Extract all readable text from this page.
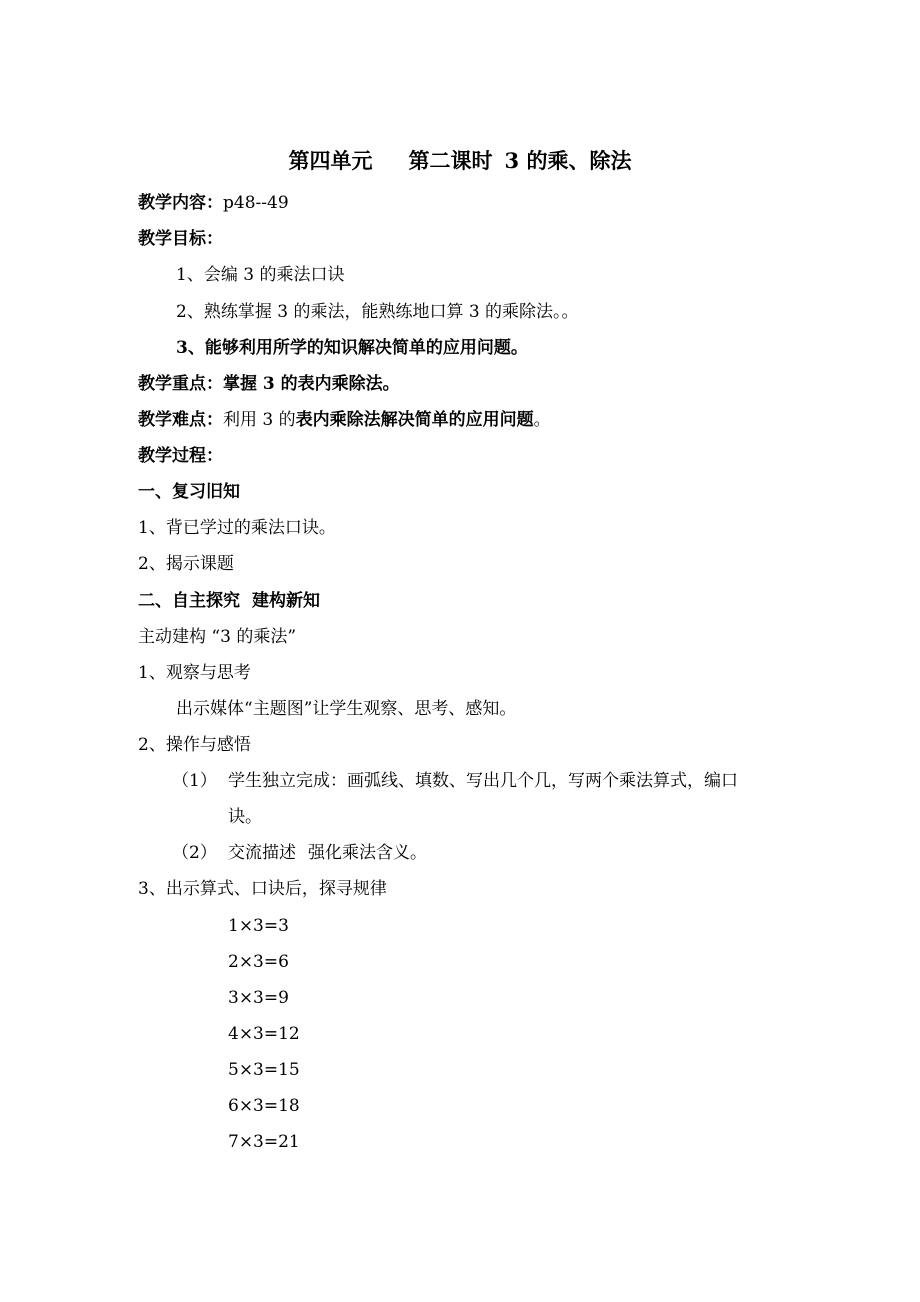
第四单元 第二课时 3 的乘、除法
教学内容：p48--49
教学目标：
1、会编 3 的乘法口诀
2、熟练掌握 3 的乘法，能熟练地口算 3 的乘除法。。
3、能够利用所学的知识解决简单的应用问题。
教学重点：掌握 3 的表内乘除法。
教学难点：利用 3 的表内乘除法解决简单的应用问题。
教学过程：
一、复习旧知
1、背已学过的乘法口诀。
2、揭示课题
二、自主探究 建构新知
主动建构 “3 的乘法”
1、观察与思考
出示媒体“主题图”让学生观察、思考、感知。
2、操作与感悟
（1） 学生独立完成：画弧线、填数、写出几个几，写两个乘法算式，编口
诀。
（2） 交流描述 强化乘法含义。
3、出示算式、口诀后，探寻规律
1×3=3
2×3=6
3×3=9
4×3=12
5×3=15
6×3=18
7×3=21
